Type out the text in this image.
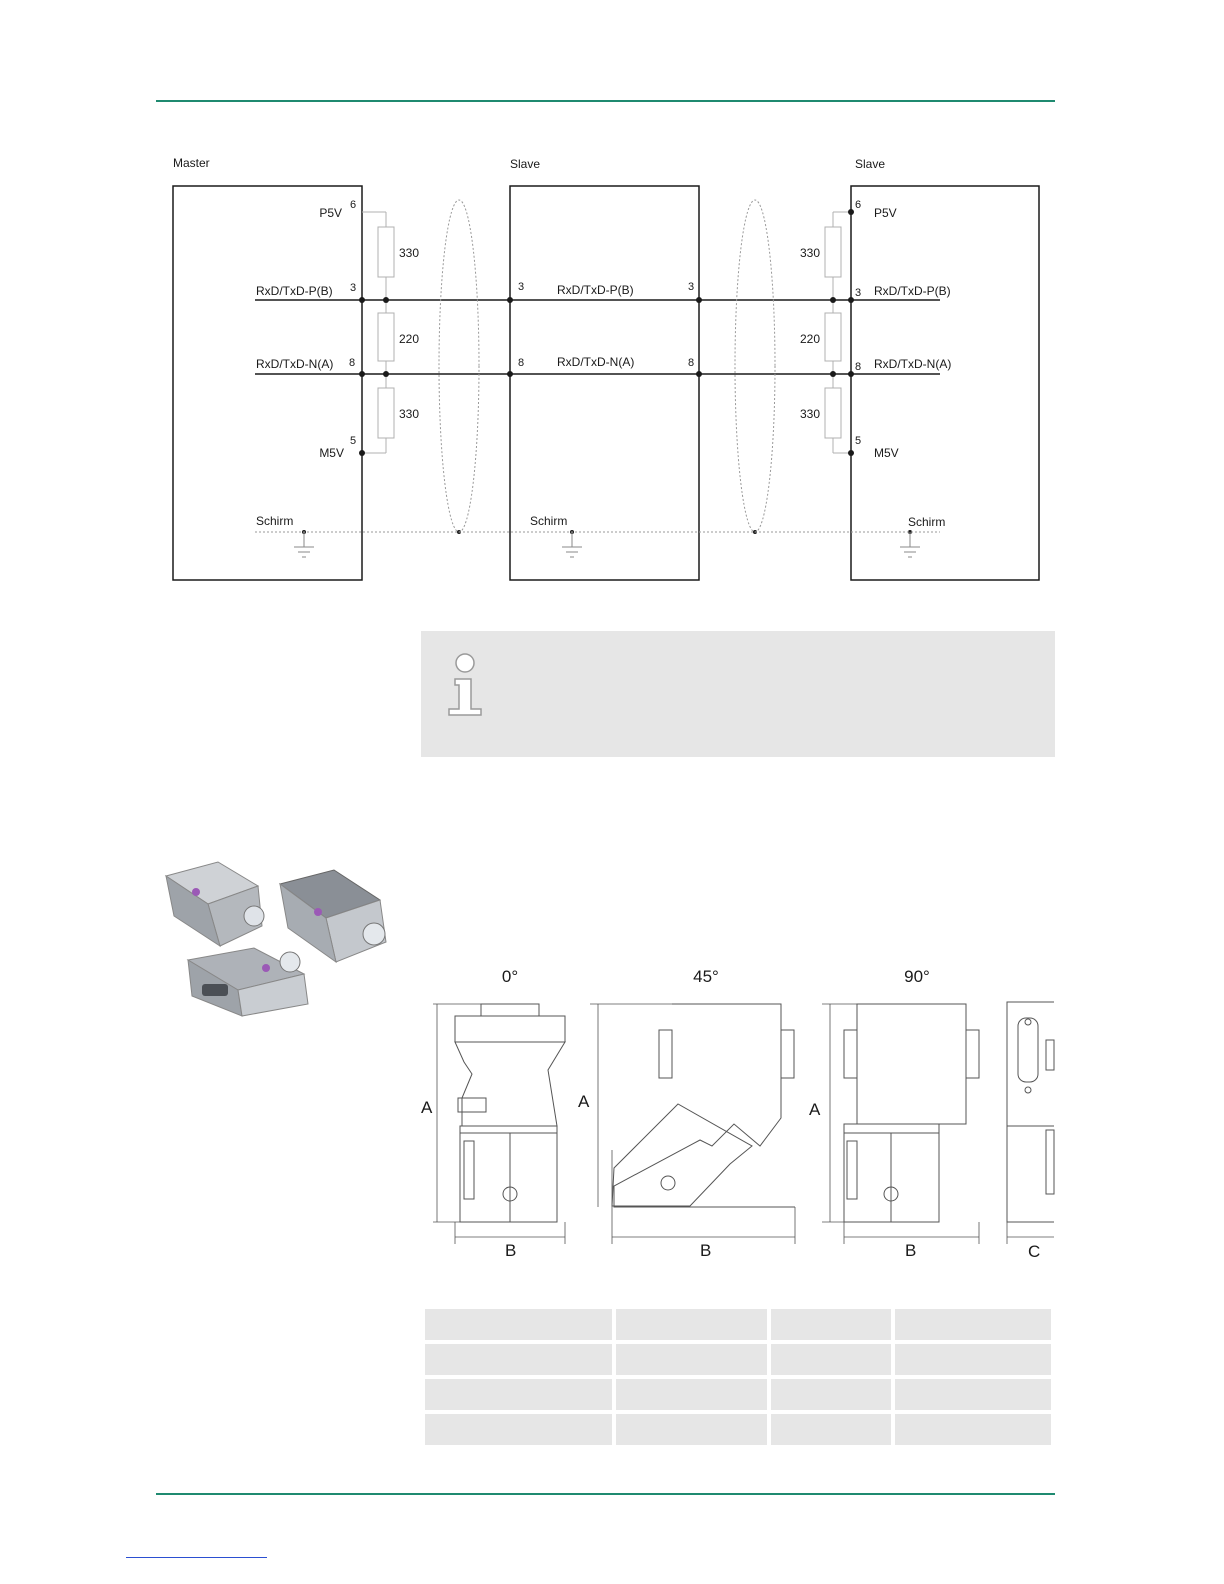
Master	Slave	Slave
P5V
6
RxD/TxD-P(B) 3
RxD/TxD-N(A) 8
5
M5V
330
220
330
3	RxD/TxD-P(B)	3
8	RxD/TxD-N(A)	8
6
P5V
3 RxD/TxD-P(B)
8 RxD/TxD-N(A)
5
M5V
330
220
330
Schirm	Schirm	Schirm
0°	45°	90°
A	A	A
B	B	B	C
